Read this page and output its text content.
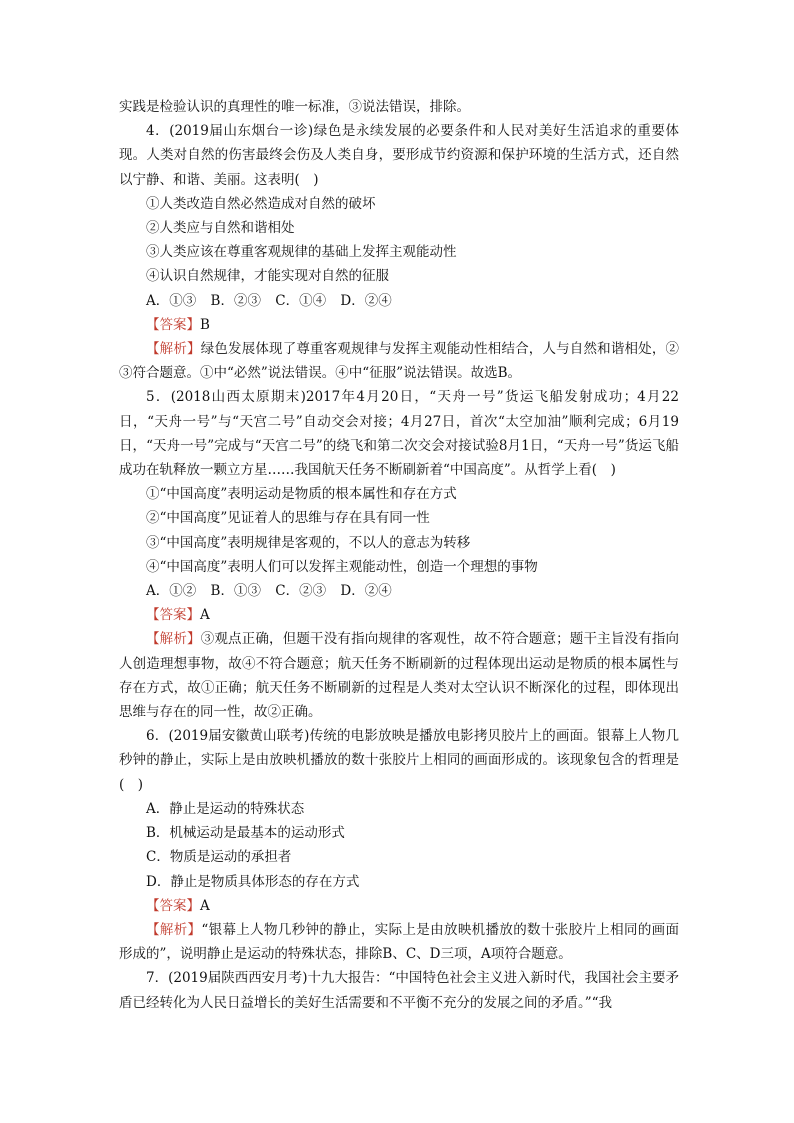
实践是检验认识的真理性的唯一标准，③说法错误，排除。

4．(2019届山东烟台一诊)绿色是永续发展的必要条件和人民对美好生活追求的重要体现。人类对自然的伤害最终会伤及人类自身，要形成节约资源和保护环境的生活方式，还自然以宁静、和谐、美丽。这表明(　)

①人类改造自然必然造成对自然的破坏

②人类应与自然和谐相处

③人类应该在尊重客观规律的基础上发挥主观能动性

④认识自然规律，才能实现对自然的征服

A．①③ B．②③ C．①④ D．②④

【答案】B

【解析】绿色发展体现了尊重客观规律与发挥主观能动性相结合，人与自然和谐相处，②③符合题意。①中“必然”说法错误。④中“征服”说法错误。故选B。

5．(2018山西太原期末)2017年4月20日，“天舟一号”货运飞船发射成功；4月22日，“天舟一号”与“天宫二号”自动交会对接；4月27日，首次“太空加油”顺利完成；6月19日，“天舟一号”完成与“天宫二号”的绕飞和第二次交会对接试验8月1日，“天舟一号”货运飞船成功在轨释放一颗立方星……我国航天任务不断刷新着“中国高度”。从哲学上看(　)

①“中国高度”表明运动是物质的根本属性和存在方式

②“中国高度”见证着人的思维与存在具有同一性

③“中国高度”表明规律是客观的，不以人的意志为转移

④“中国高度”表明人们可以发挥主观能动性，创造一个理想的事物

A．①② B．①③ C．②③ D．②④

【答案】A

【解析】③观点正确，但题干没有指向规律的客观性，故不符合题意；题干主旨没有指向人创造理想事物，故④不符合题意；航天任务不断刷新的过程体现出运动是物质的根本属性与存在方式，故①正确；航天任务不断刷新的过程是人类对太空认识不断深化的过程，即体现出思维与存在的同一性，故②正确。

6．(2019届安徽黄山联考)传统的电影放映是播放电影拷贝胶片上的画面。银幕上人物几秒钟的静止，实际上是由放映机播放的数十张胶片上相同的画面形成的。该现象包含的哲理是(　)

A．静止是运动的特殊状态

B．机械运动是最基本的运动形式

C．物质是运动的承担者

D．静止是物质具体形态的存在方式

【答案】A

【解析】“银幕上人物几秒钟的静止，实际上是由放映机播放的数十张胶片上相同的画面形成的”，说明静止是运动的特殊状态，排除B、C、D三项，A项符合题意。

7．(2019届陕西西安月考)十九大报告：“中国特色社会主义进入新时代，我国社会主要矛盾已经转化为人民日益增长的美好生活需要和不平衡不充分的发展之间的矛盾。”“我
